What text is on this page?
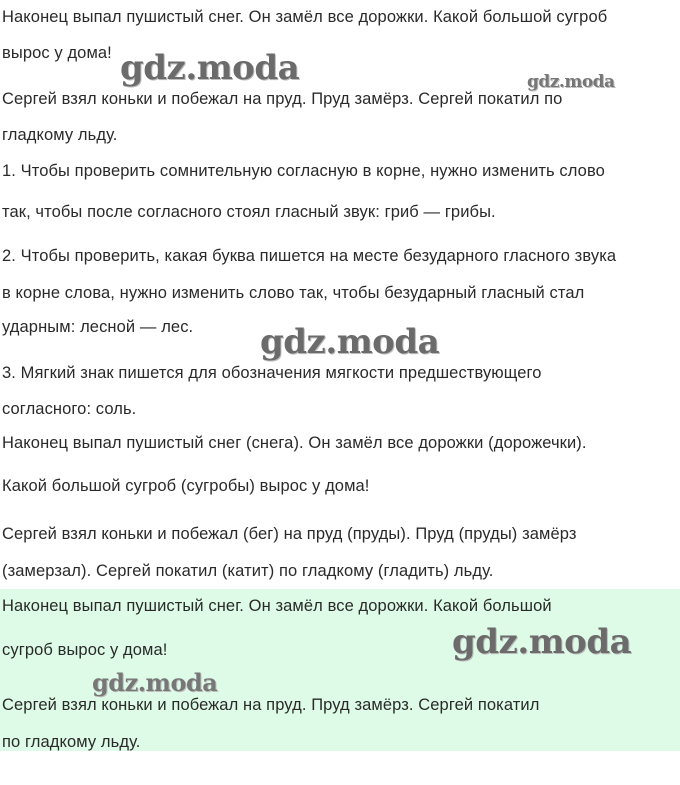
Наконец выпал пушистый снег. Он замёл все дорожки. Какой большой сугроб
вырос у дома!
Сергей взял коньки и побежал на пруд. Пруд замёрз. Сергей покатил по
гладкому льду.
1. Чтобы проверить сомнительную согласную в корне, нужно изменить слово
так, чтобы после согласного стоял гласный звук: гриб — грибы.
2. Чтобы проверить, какая буква пишется на месте безударного гласного звука
в корне слова, нужно изменить слово так, чтобы безударный гласный стал
ударным: лесной — лес.
3. Мягкий знак пишется для обозначения мягкости предшествующего
согласного: соль.
Наконец выпал пушистый снег (снега). Он замёл все дорожки (дорожечки).
Какой большой сугроб (сугробы) вырос у дома!
Сергей взял коньки и побежал (бег) на пруд (пруды). Пруд (пруды) замёрз
(замерзал). Сергей покатил (катит) по гладкому (гладить) льду.
Наконец выпал пушистый снег. Он замёл все дорожки. Какой большой
сугроб вырос у дома!
Сергей взял коньки и побежал на пруд. Пруд замёрз. Сергей покатил
по гладкому льду.
gdz.moda	gdz.moda
gdz.moda
gdz.moda
gdz.moda
